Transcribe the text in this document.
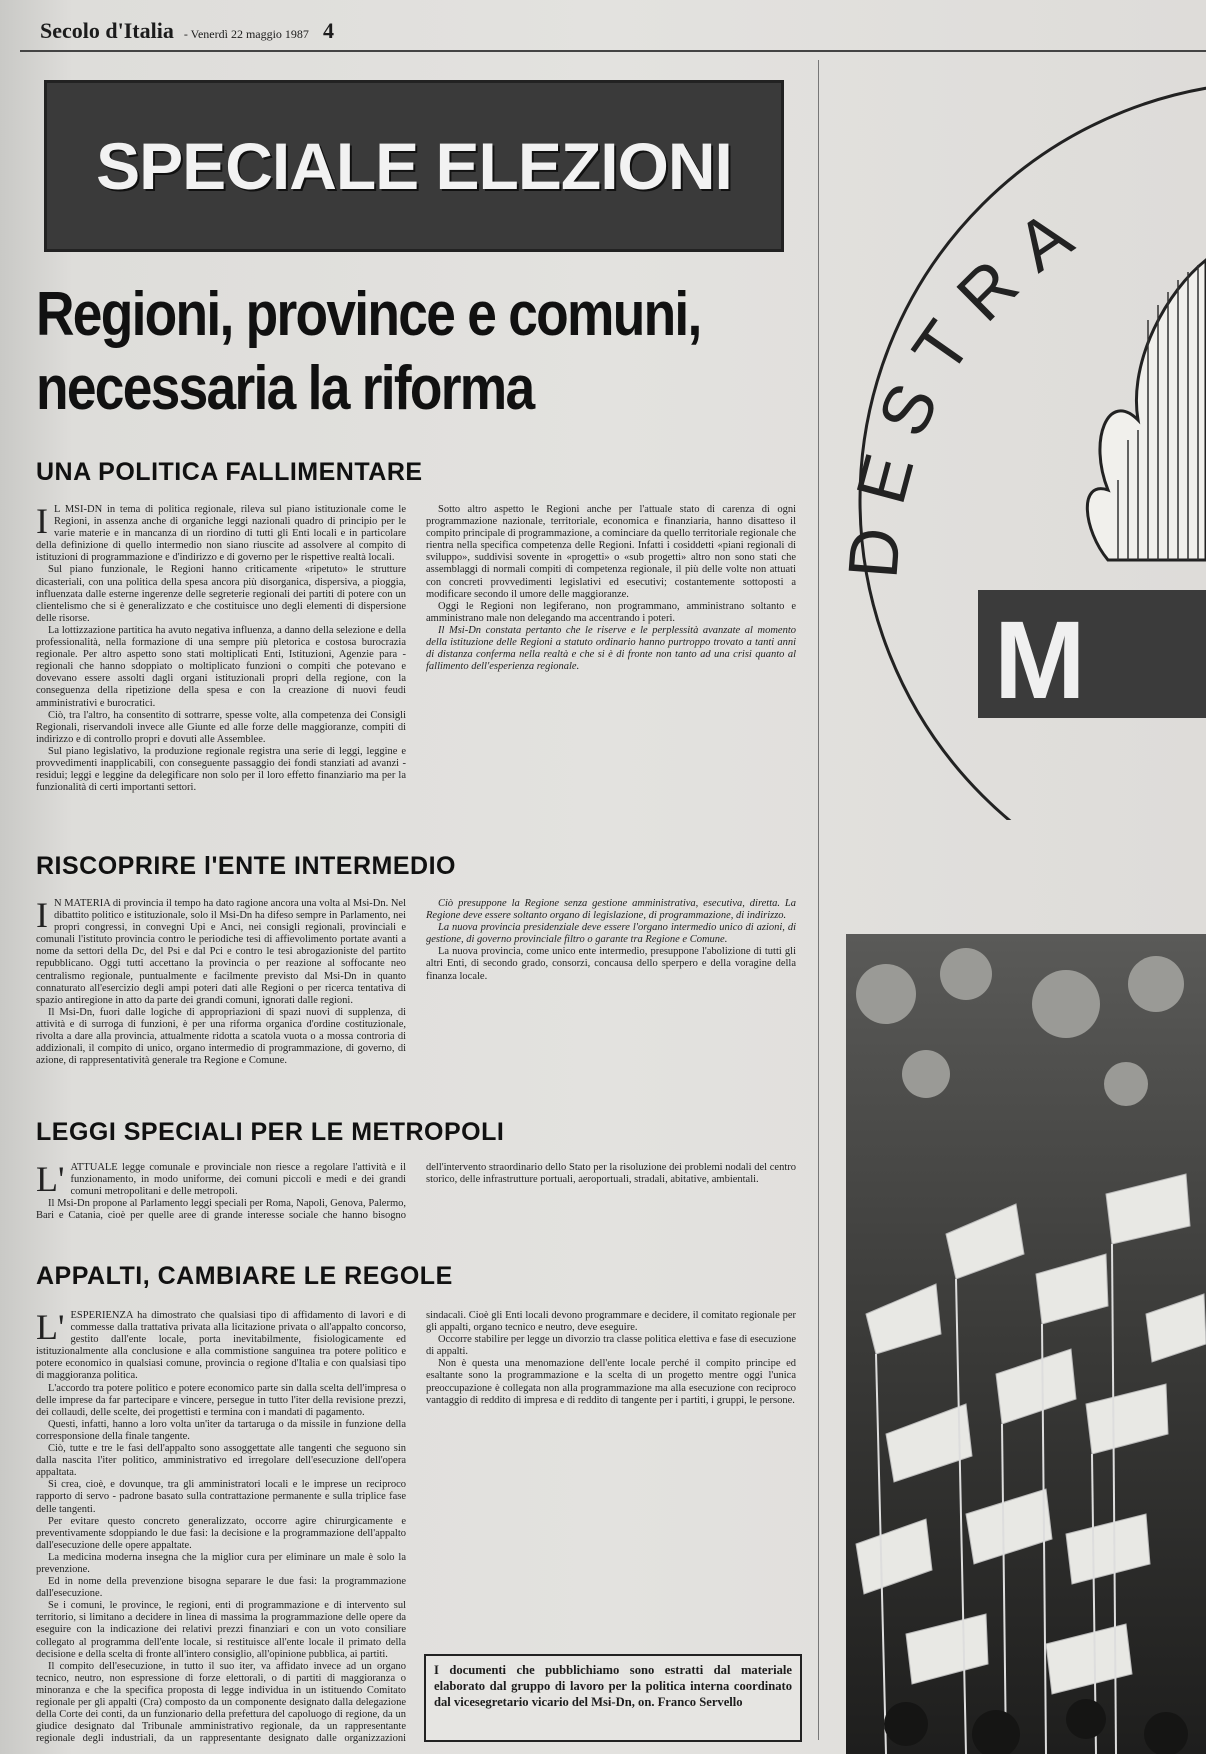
Secolo d'Italia - Venerdì 22 maggio 1987 4
SPECIALE ELEZIONI
Regioni, province e comuni,
necessaria la riforma
UNA POLITICA FALLIMENTARE

I L MSI-DN in tema di politica regionale, rileva sul piano istituzionale come le Regioni, in assenza anche di organiche leggi nazionali quadro di principio per le varie materie e in mancanza di un riordino di tutti gli Enti locali e in particolare della definizione di quello intermedio non siano riuscite ad assolvere al compito di istituzioni di programmazione e d'indirizzo e di governo per le rispettive realtà locali.

Sul piano funzionale, le Regioni hanno criticamente «ripetuto» le strutture dicasteriali, con una politica della spesa ancora più disorganica, dispersiva, a pioggia, influenzata dalle esterne ingerenze delle segreterie regionali dei partiti di potere con un clientelismo che si è generalizzato e che costituisce uno degli elementi di dispersione delle risorse.

La lottizzazione partitica ha avuto negativa influenza, a danno della selezione e della professionalità, nella formazione di una sempre più pletorica e costosa burocrazia regionale. Per altro aspetto sono stati moltiplicati Enti, Istituzioni, Agenzie para - regionali che hanno sdoppiato o moltiplicato funzioni o compiti che potevano e dovevano essere assolti dagli organi istituzionali propri della regione, con la conseguenza della ripetizione della spesa e con la creazione di nuovi feudi amministrativi e burocratici.

Ciò, tra l'altro, ha consentito di sottrarre, spesse volte, alla competenza dei Consigli Regionali, riservandoli invece alle Giunte ed alle forze delle maggioranze, compiti di indirizzo e di controllo propri e dovuti alle Assemblee.

Sul piano legislativo, la produzione regionale registra una serie di leggi, leggine e provvedimenti inapplicabili, con conseguente passaggio dei fondi stanziati ad avanzi - residui; leggi e leggine da delegificare non solo per il loro effetto finanziario ma per la funzionalità di certi importanti settori.

Sotto altro aspetto le Regioni anche per l'attuale stato di carenza di ogni programmazione nazionale, territoriale, economica e finanziaria, hanno disatteso il compito principale di programmazione, a cominciare da quello territoriale regionale che rientra nella specifica competenza delle Regioni. Infatti i cosiddetti «piani regionali di sviluppo», suddivisi sovente in «progetti» o «sub progetti» altro non sono stati che assemblaggi di normali compiti di competenza regionale, il più delle volte non attuati con concreti provvedimenti legislativi ed esecutivi; costantemente sottoposti a modificare secondo il umore delle maggioranze.

Oggi le Regioni non legiferano, non programmano, amministrano soltanto e amministrano male non delegando ma accentrando i poteri.

Il Msi-Dn constata pertanto che le riserve e le perplessità avanzate al momento della istituzione delle Regioni a statuto ordinario hanno purtroppo trovato a tanti anni di distanza conferma nella realtà e che si è di fronte non tanto ad una crisi quanto al fallimento dell'esperienza regionale.

RISCOPRIRE l'ENTE INTERMEDIO

I N MATERIA di provincia il tempo ha dato ragione ancora una volta al Msi-Dn. Nel dibattito politico e istituzionale, solo il Msi-Dn ha difeso sempre in Parlamento, nei propri congressi, in convegni Upi e Anci, nei consigli regionali, provinciali e comunali l'istituto provincia contro le periodiche tesi di affievolimento portate avanti a nome da settori della Dc, del Psi e dal Pci e contro le tesi abrogazioniste del partito repubblicano. Oggi tutti accettano la provincia o per reazione al soffocante neo centralismo regionale, puntualmente e facilmente previsto dal Msi-Dn in quanto connaturato all'esercizio degli ampi poteri dati alle Regioni o per ricerca tentativa di spazio antiregione in atto da parte dei grandi comuni, ignorati dalle regioni.

Il Msi-Dn, fuori dalle logiche di appropriazioni di spazi nuovi di supplenza, di attività e di surroga di funzioni, è per una riforma organica d'ordine costituzionale, rivolta a dare alla provincia, attualmente ridotta a scatola vuota o a mossa controria di addizionali, il compito di unico, organo intermedio di programmazione, di governo, di azione, di rappresentatività generale tra Regione e Comune.

Ciò presuppone la Regione senza gestione amministrativa, esecutiva, diretta. La Regione deve essere soltanto organo di legislazione, di programmazione, di indirizzo.

La nuova provincia presidenziale deve essere l'organo intermedio unico di azioni, di gestione, di governo provinciale filtro o garante tra Regione e Comune.

La nuova provincia, come unico ente intermedio, presuppone l'abolizione di tutti gli altri Enti, di secondo grado, consorzi, concausa dello sperpero e della voragine della finanza locale.

LEGGI SPECIALI PER LE METROPOLI

L' ATTUALE legge comunale e provinciale non riesce a regolare l'attività e il funzionamento, in modo uniforme, dei comuni piccoli e medi e dei grandi comuni metropolitani e delle metropoli.

Il Msi-Dn propone al Parlamento leggi speciali per Roma, Napoli, Genova, Palermo, Bari e Catania, cioè per quelle aree di grande interesse sociale che hanno bisogno dell'intervento straordinario dello Stato per la risoluzione dei problemi nodali del centro storico, delle infrastrutture portuali, aeroportuali, stradali, abitative, ambientali.

APPALTI, CAMBIARE LE REGOLE

L' ESPERIENZA ha dimostrato che qualsiasi tipo di affidamento di lavori e di commesse dalla trattativa privata alla licitazione privata o all'appalto concorso, gestito dall'ente locale, porta inevitabilmente, fisiologicamente ed istituzionalmente alla conclusione e alla commistione sanguinea tra potere politico e potere economico in qualsiasi comune, provincia o regione d'Italia e con qualsiasi tipo di maggioranza politica.

L'accordo tra potere politico e potere economico parte sin dalla scelta dell'impresa o delle imprese da far partecipare e vincere, persegue in tutto l'iter della revisione prezzi, dei collaudi, delle scelte, dei progettisti e termina con i mandati di pagamento.

Questi, infatti, hanno a loro volta un'iter da tartaruga o da missile in funzione della corresponsione della finale tangente.

Ciò, tutte e tre le fasi dell'appalto sono assoggettate alle tangenti che seguono sin dalla nascita l'iter politico, amministrativo ed irregolare dell'esecuzione dell'opera appaltata.

Si crea, cioè, e dovunque, tra gli amministratori locali e le imprese un reciproco rapporto di servo - padrone basato sulla contrattazione permanente e sulla triplice fase delle tangenti.

Per evitare questo concreto generalizzato, occorre agire chirurgicamente e preventivamente sdoppiando le due fasi: la decisione e la programmazione dell'appalto dall'esecuzione delle opere appaltate.

La medicina moderna insegna che la miglior cura per eliminare un male è solo la prevenzione.

Ed in nome della prevenzione bisogna separare le due fasi: la programmazione dall'esecuzione.

Se i comuni, le province, le regioni, enti di programmazione e di intervento sul territorio, si limitano a decidere in linea di massima la programmazione delle opere da eseguire con la indicazione dei relativi prezzi finanziari e con un voto consiliare collegato al programma dell'ente locale, si restituisce all'ente locale il primato della decisione e della scelta di fronte all'intero consiglio, all'opinione pubblica, ai partiti.

Il compito dell'esecuzione, in tutto il suo iter, va affidato invece ad un organo tecnico, neutro, non espressione di forze elettorali, o di partiti di maggioranza o minoranza e che la specifica proposta di legge individua in un istituendo Comitato regionale per gli appalti (Cra) composto da un componente designato dalla delegazione della Corte dei conti, da un funzionario della prefettura del capoluogo di regione, da un giudice designato dal Tribunale amministrativo regionale, da un rappresentante regionale degli industriali, da un rappresentante designato dalle organizzazioni sindacali. Cioè gli Enti locali devono programmare e decidere, il comitato regionale per gli appalti, organo tecnico e neutro, deve eseguire.

Occorre stabilire per legge un divorzio tra classe politica elettiva e fase di esecuzione di appalti.

Non è questa una menomazione dell'ente locale perché il compito principe ed esaltante sono la programmazione e la scelta di un progetto mentre oggi l'unica preoccupazione è collegata non alla programmazione ma alla esecuzione con reciproco vantaggio di reddito di impresa e di reddito di tangente per i partiti, i gruppi, le persone.

I documenti che pubblichiamo sono estratti dal materiale elaborato dal gruppo di lavoro per la politica interna coordinato dal vicesegretario vicario del Msi-Dn, on. Franco Servello
DESTRA
M
